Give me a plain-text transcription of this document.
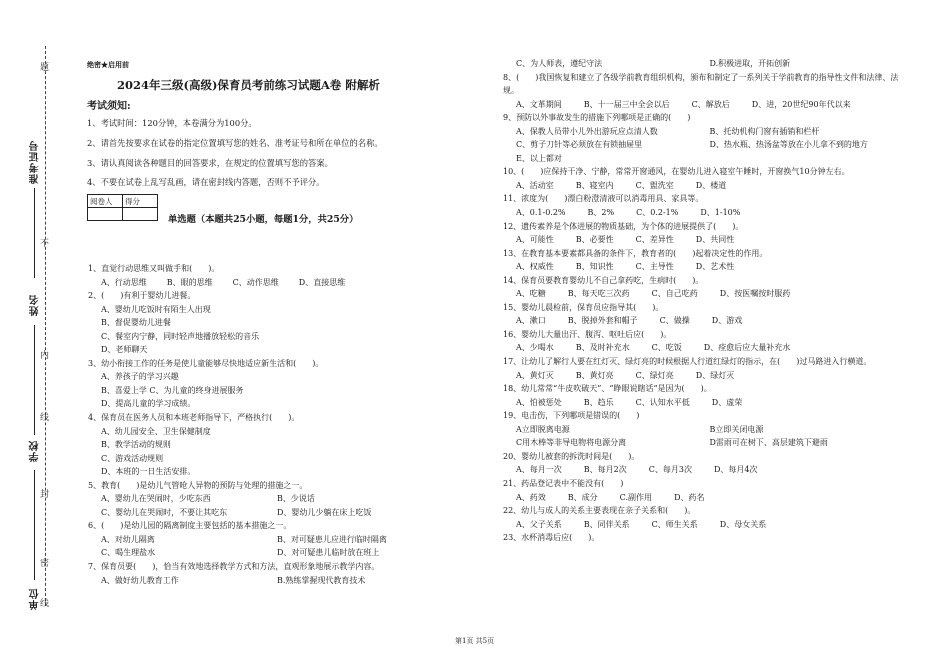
准考证号
姓名
学校
单位
题
不
内
线
封
密
线
绝密★启用前
2024年三级(高级)保育员考前练习试题A卷 附解析
考试须知:
1、考试时间：120分钟，本卷满分为100分。
2、请首先按要求在试卷的指定位置填写您的姓名、准考证号和所在单位的名称。
3、请认真阅读各种题目的回答要求，在规定的位置填写您的答案。
4、不要在试卷上乱写乱画，请在密封线内答题，否则不予评分。
阅卷人	得分

单选题（本题共25小题，每题1分，共25分）
1、直觉行动思维又叫做手和(　　)。
A、行动思维	B、眼的思维	C、动作思维	D、直接思维
2、(　　)有利于婴幼儿进餐。
A、婴幼儿吃饭时有陌生人出现
B、督促婴幼儿进餐
C、餐室内宁静，同时轻声地播放轻松的音乐
D、老师聊天
3、幼小衔接工作的任务是使儿童能够尽快地适应新生活和(　　)。
A、养孩子的学习兴趣
B、喜爱上学 C、为儿童的终身进展服务
D、提高儿童的学习成绩。
4、保育员在医务人员和本班老师指导下，严格执行(　　)。
A、幼儿园安全、卫生保健制度
B、教学活动的规则
C、游戏活动规则
D、本班的一日生活安排。
5、教育(　　)是幼儿气管呛人异物的预防与处理的措施之一。
A、婴幼儿在哭闹时，少吃东西	B、少说话
C、婴幼儿在哭闹时，不要让其吃东	D、婴幼儿少躺在床上吃饭
6、(　　)是幼儿园的隔离制度主要包括的基本措施之一。
A、对幼儿隔离	B、对可疑患儿应进行临时隔离
C、喝生理盐水	D、对可疑患儿临时放在班上
7、保育员要(　　)，恰当有效地选择教学方式和方法，直观形象地展示教学内容。
A、做好幼儿教育工作	B.熟练掌握现代教育技术
C、为人师表，遵纪守法	D.积极进取，开拓创新
8、(　　)我国恢复和建立了各级学前教育组织机构，颁布和制定了一系列关于学前教育的指导性文件和法律、法规。
A、文革期间	B、十一届三中全会以后	C、解放后	D、进，20世纪90年代以来
9、预防以外事故发生的措施下列哪项是正确的(　　)
A、保教人员带小儿外出游玩应点清人数	B、托幼机构门窗有插销和栏杆
C、剪子刀针等必须放在有锁抽屉里	D、热水瓶、热汤盆等放在小儿拿不到的地方
E、以上都对
10、(　　)应保持干净、宁静，常常开窗通风，在婴幼儿进入寝室午睡时，开窗换气10分钟左右。
A、活动室	B、寝室内	C、盥洗室	D、楼道
11、浓度为(　　)漂白粉澄清液可以消毒用具、家具等。
A、0.1-0.2%	B、2%	C、0.2-1%	D、1-10%
12、遗传素养是个体进展的物质基础，为个体的进展提供了(　　)。
A、可能性	B、必要性	C、差异性	D、共同性
13、在教育基本要素都具备的条件下，教育者的(　　)起着决定性的作用。
A、权威性	B、知识性	C、主导性	D、艺术性
14、保育员要教育婴幼儿不自己拿药吃，生病时(　　)。
A、吃糖	B、每天吃三次药	C、自己吃药	D、按医嘱按时服药
15、婴幼儿晨检前，保育员应指导其(　　)。
A、漱口	B、脱掉外套和帽子	C、做操	D、游戏
16、婴幼儿大量出汗、腹泻、呕吐后应(　　)。
A、少喝水	B、及时补充水	C、吃饭	D、痊愈后应大量补充水
17、让幼儿了解行人要在红灯灭、绿灯亮的时候根据人行道红绿灯的指示，在(　　)过马路进入行横道。
A、黄灯灭	B、黄灯亮	C、绿灯亮	D、绿灯灭
18、幼儿常常“牛皮吹破天”、“睁眼说瞎话”是因为(　　)。
A、怕被惩处	B、趋乐	C、认知水平低	D、虚荣
19、电击伤，下列哪项是错误的(　　)
A立即脱离电源	B立即关闭电源
C用木棒等非导电物将电源分离	D雷雨可在树下、高层建筑下避雨
20、婴幼儿被套的拆洗时间是(　　)。
A、每月一次	B、每月2次	C、每月3次	D、每月4次
21、药品登记表中不能没有(　　)
A、药效	B、成分	C.副作用	D、药名
22、幼儿与成人的关系主要表现在亲子关系和(　　)。
A、父子关系	B、同伴关系	C、师生关系	D、母女关系
23、水杯消毒后应(　　)。
第1页 共5页
